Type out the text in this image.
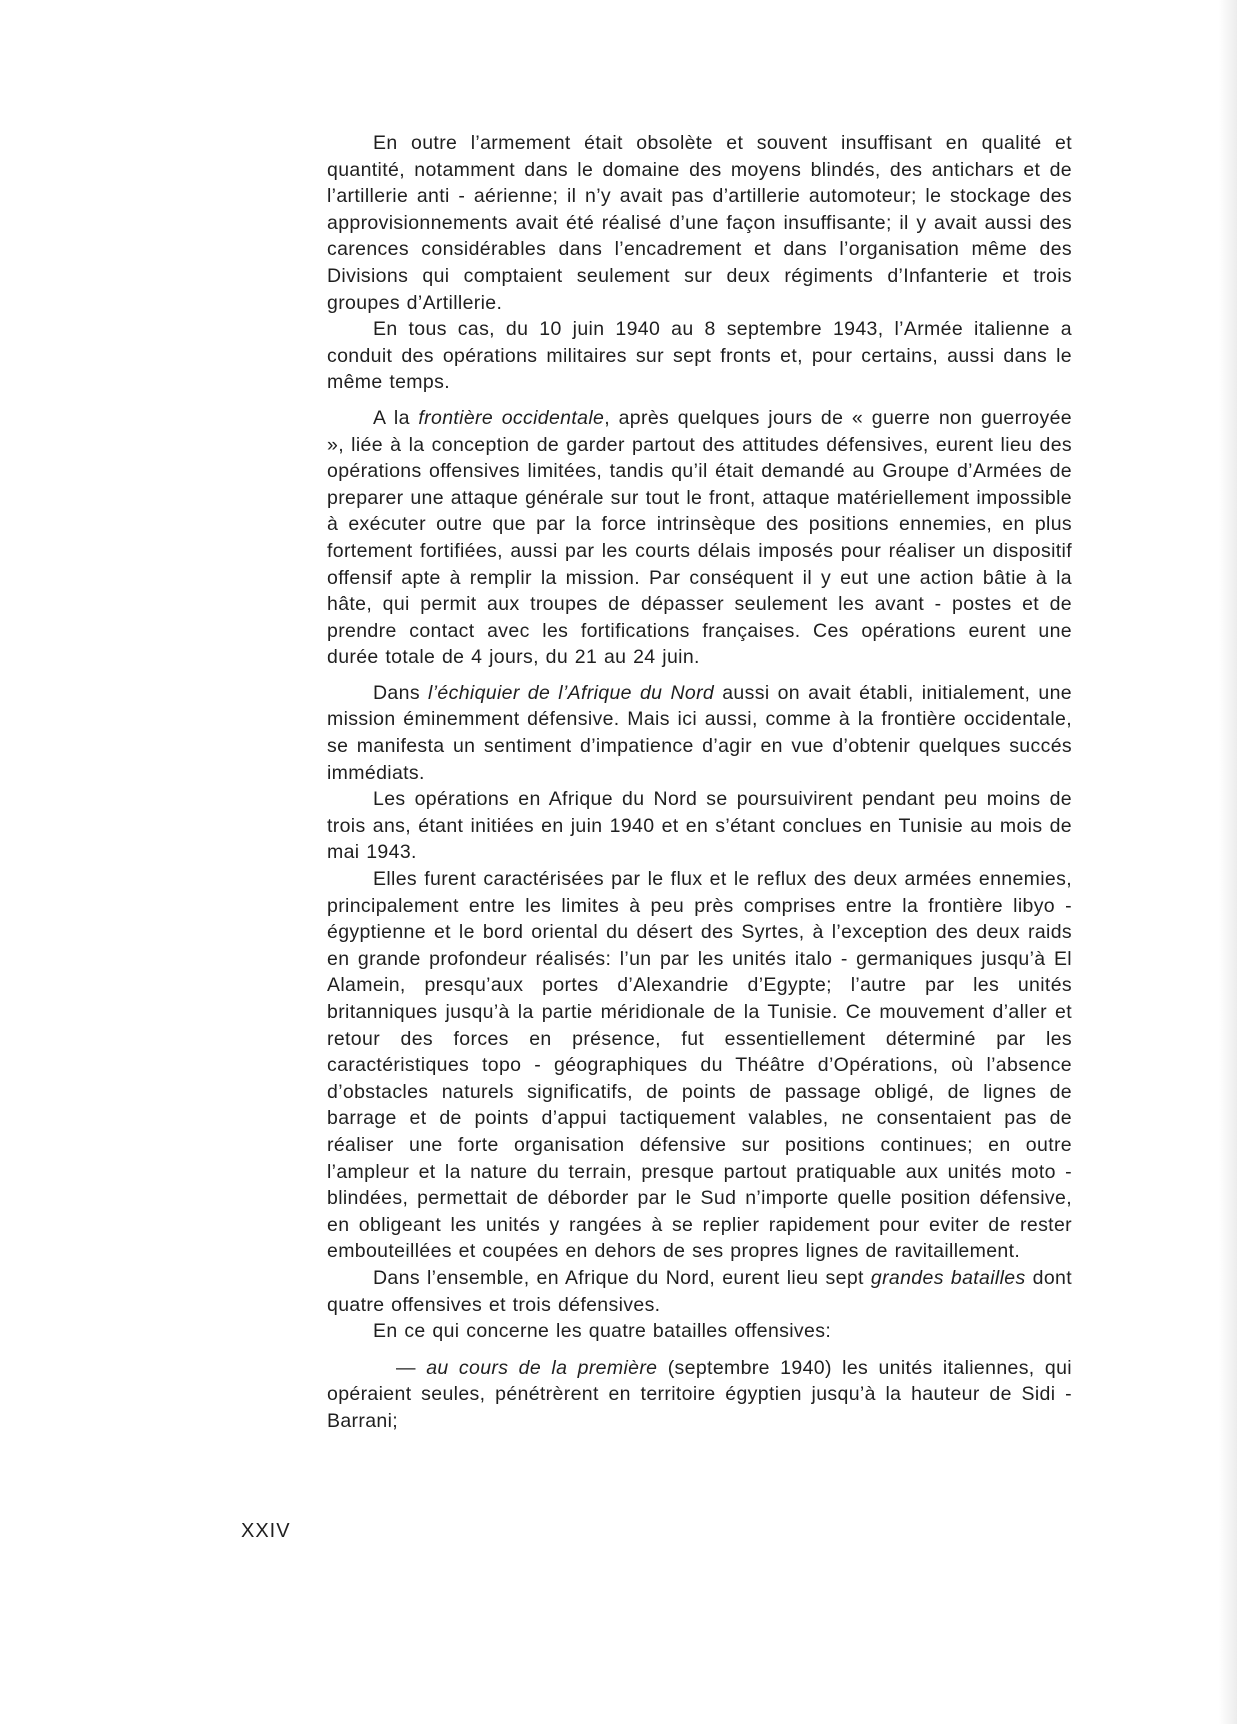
En outre l’armement était obsolète et souvent insuffisant en qualité et quantité, notamment dans le domaine des moyens blindés, des antichars et de l’artillerie anti - aérienne; il n’y avait pas d’artillerie automoteur; le stockage des approvisionnements avait été réalisé d’une façon insuffisante; il y avait aussi des carences considérables dans l’encadrement et dans l’organisation même des Divisions qui comptaient seulement sur deux régiments d’Infanterie et trois groupes d’Artillerie.

En tous cas, du 10 juin 1940 au 8 septembre 1943, l’Armée italienne a conduit des opérations militaires sur sept fronts et, pour certains, aussi dans le même temps.

A la frontière occidentale, après quelques jours de « guerre non guerroyée », liée à la conception de garder partout des attitudes défensives, eurent lieu des opérations offensives limitées, tandis qu’il était demandé au Groupe d’Armées de preparer une attaque générale sur tout le front, attaque matériellement impossible à exécuter outre que par la force intrinsèque des positions ennemies, en plus fortement fortifiées, aussi par les courts délais imposés pour réaliser un dispositif offensif apte à remplir la mission. Par conséquent il y eut une action bâtie à la hâte, qui permit aux troupes de dépasser seulement les avant - postes et de prendre contact avec les fortifications françaises. Ces opérations eurent une durée totale de 4 jours, du 21 au 24 juin.

Dans l’échiquier de l’Afrique du Nord aussi on avait établi, initialement, une mission éminemment défensive. Mais ici aussi, comme à la frontière occidentale, se manifesta un sentiment d’impatience d’agir en vue d’obtenir quelques succés immédiats.

Les opérations en Afrique du Nord se poursuivirent pendant peu moins de trois ans, étant initiées en juin 1940 et en s’étant conclues en Tunisie au mois de mai 1943.

Elles furent caractérisées par le flux et le reflux des deux armées ennemies, principalement entre les limites à peu près comprises entre la frontière libyo - égyptienne et le bord oriental du désert des Syrtes, à l’exception des deux raids en grande profondeur réalisés: l’un par les unités italo - germaniques jusqu’à El Alamein, presqu’aux portes d’Alexandrie d’Egypte; l’autre par les unités britanniques jusqu’à la partie méridionale de la Tunisie. Ce mouvement d’aller et retour des forces en présence, fut essentiellement déterminé par les caractéristiques topo - géographiques du Théâtre d’Opérations, où l’absence d’obstacles naturels significatifs, de points de passage obligé, de lignes de barrage et de points d’appui tactiquement valables, ne consentaient pas de réaliser une forte organisation défensive sur positions continues; en outre l’ampleur et la nature du terrain, presque partout pratiquable aux unités moto - blindées, permettait de déborder par le Sud n’importe quelle position défensive, en obligeant les unités y rangées à se replier rapidement pour eviter de rester embouteillées et coupées en dehors de ses propres lignes de ravitaillement.

Dans l’ensemble, en Afrique du Nord, eurent lieu sept grandes batailles dont quatre offensives et trois défensives.

En ce qui concerne les quatre batailles offensives:

— au cours de la première (septembre 1940) les unités italiennes, qui opéraient seules, pénétrèrent en territoire égyptien jusqu’à la hauteur de Sidi - Barrani;

XXIV
